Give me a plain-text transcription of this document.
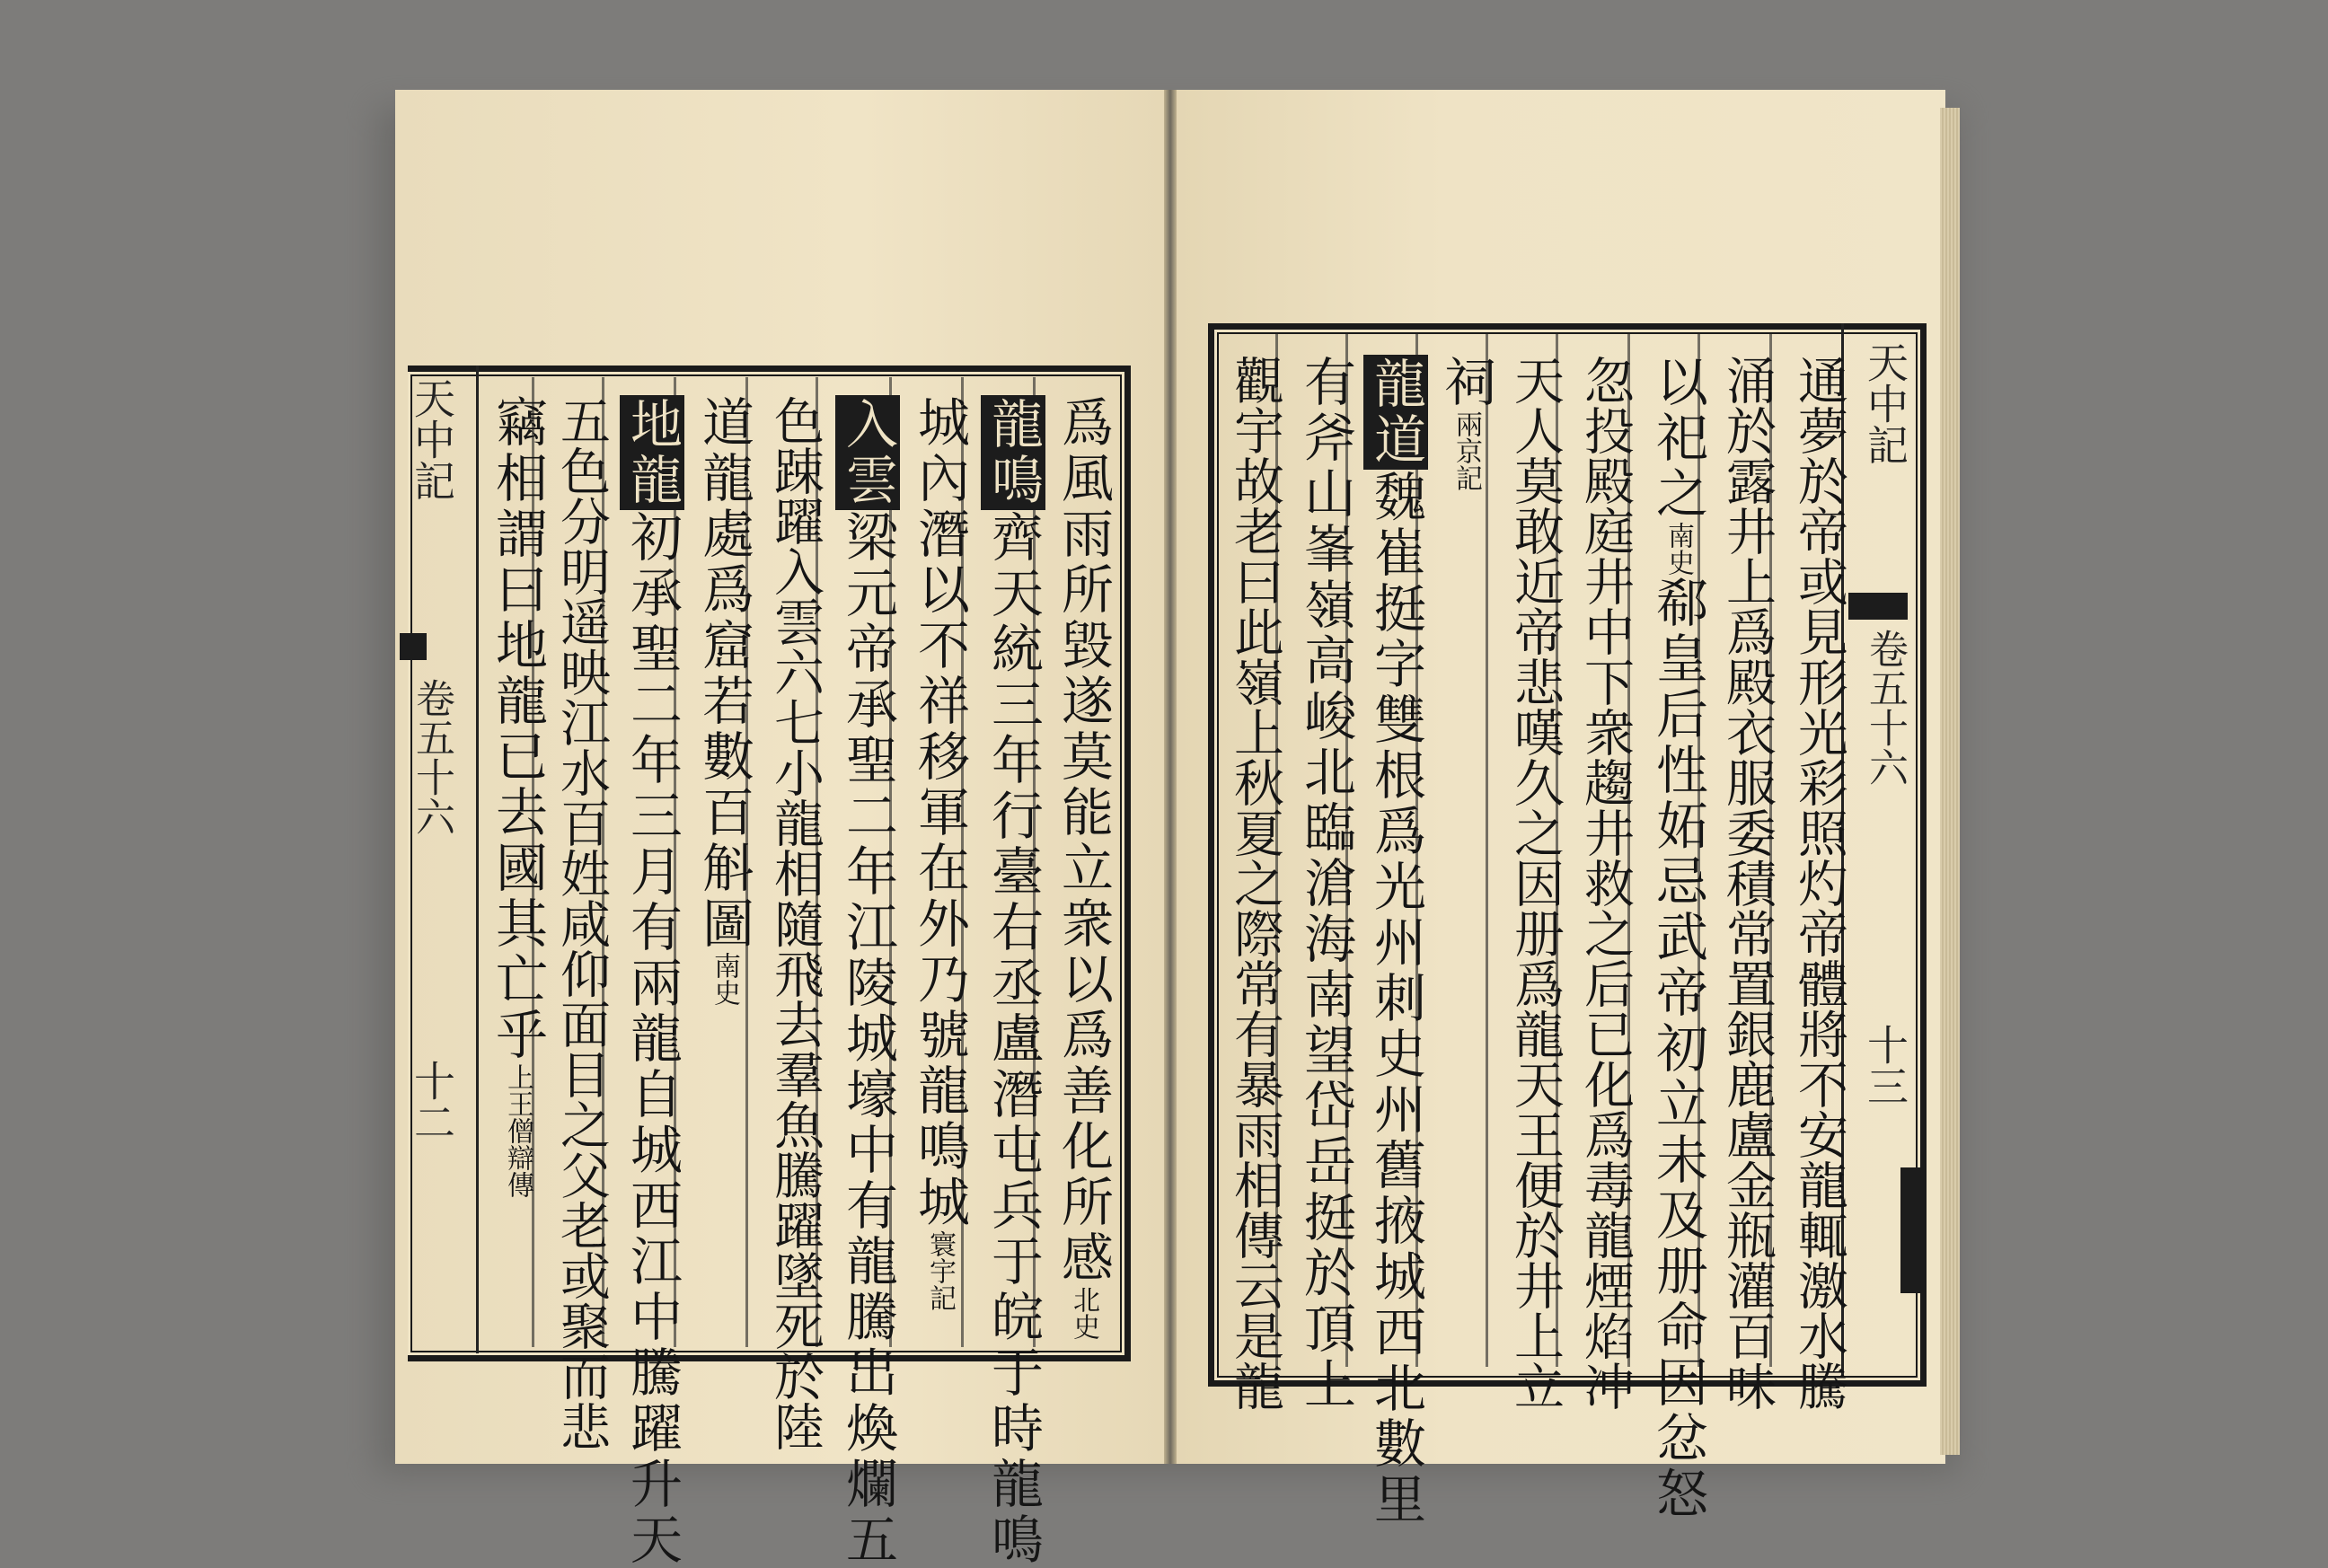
天中記
卷五十六
十二
天中記
卷五十六
十三
爲風雨所毀遂莫能立衆以爲善化所感北史
龍鳴齊天統三年行臺右丞盧潛屯兵于皖于時龍鳴
城內潛以不祥移軍在外乃號龍鳴城寰宇記
入雲梁元帝承聖二年江陵城壕中有龍騰出煥爛五
色踈躍入雲六七小龍相隨飛去羣魚騰躍墜死於陸
道龍處爲窟若數百斛圖南史
地龍初承聖二年三月有兩龍自城西江中騰躍升天
五色分明遥映江水百姓咸仰面目之父老或聚而悲
竊相謂曰地龍已去國其亡乎上王僧辯傳	通夢於帝或見形光彩照灼帝體將不安龍輒激水騰
涌於露井上爲殿衣服委積常置銀鹿盧金瓶灌百味
以祀之南史郗皇后性妬忌武帝初立未及册命因忿怒
忽投殿庭井中下衆趨井救之后已化爲毒龍煙焰冲
天人莫敢近帝悲嘆久之因册爲龍天王便於井上立
祠兩京記
龍道魏崔挺字雙根爲光州刺史州舊掖城西北數里
有斧山峯嶺高峻北臨滄海南望岱岳挺於頂上
觀宇故老曰此嶺上秋夏之際常有暴雨相傳云是龍
